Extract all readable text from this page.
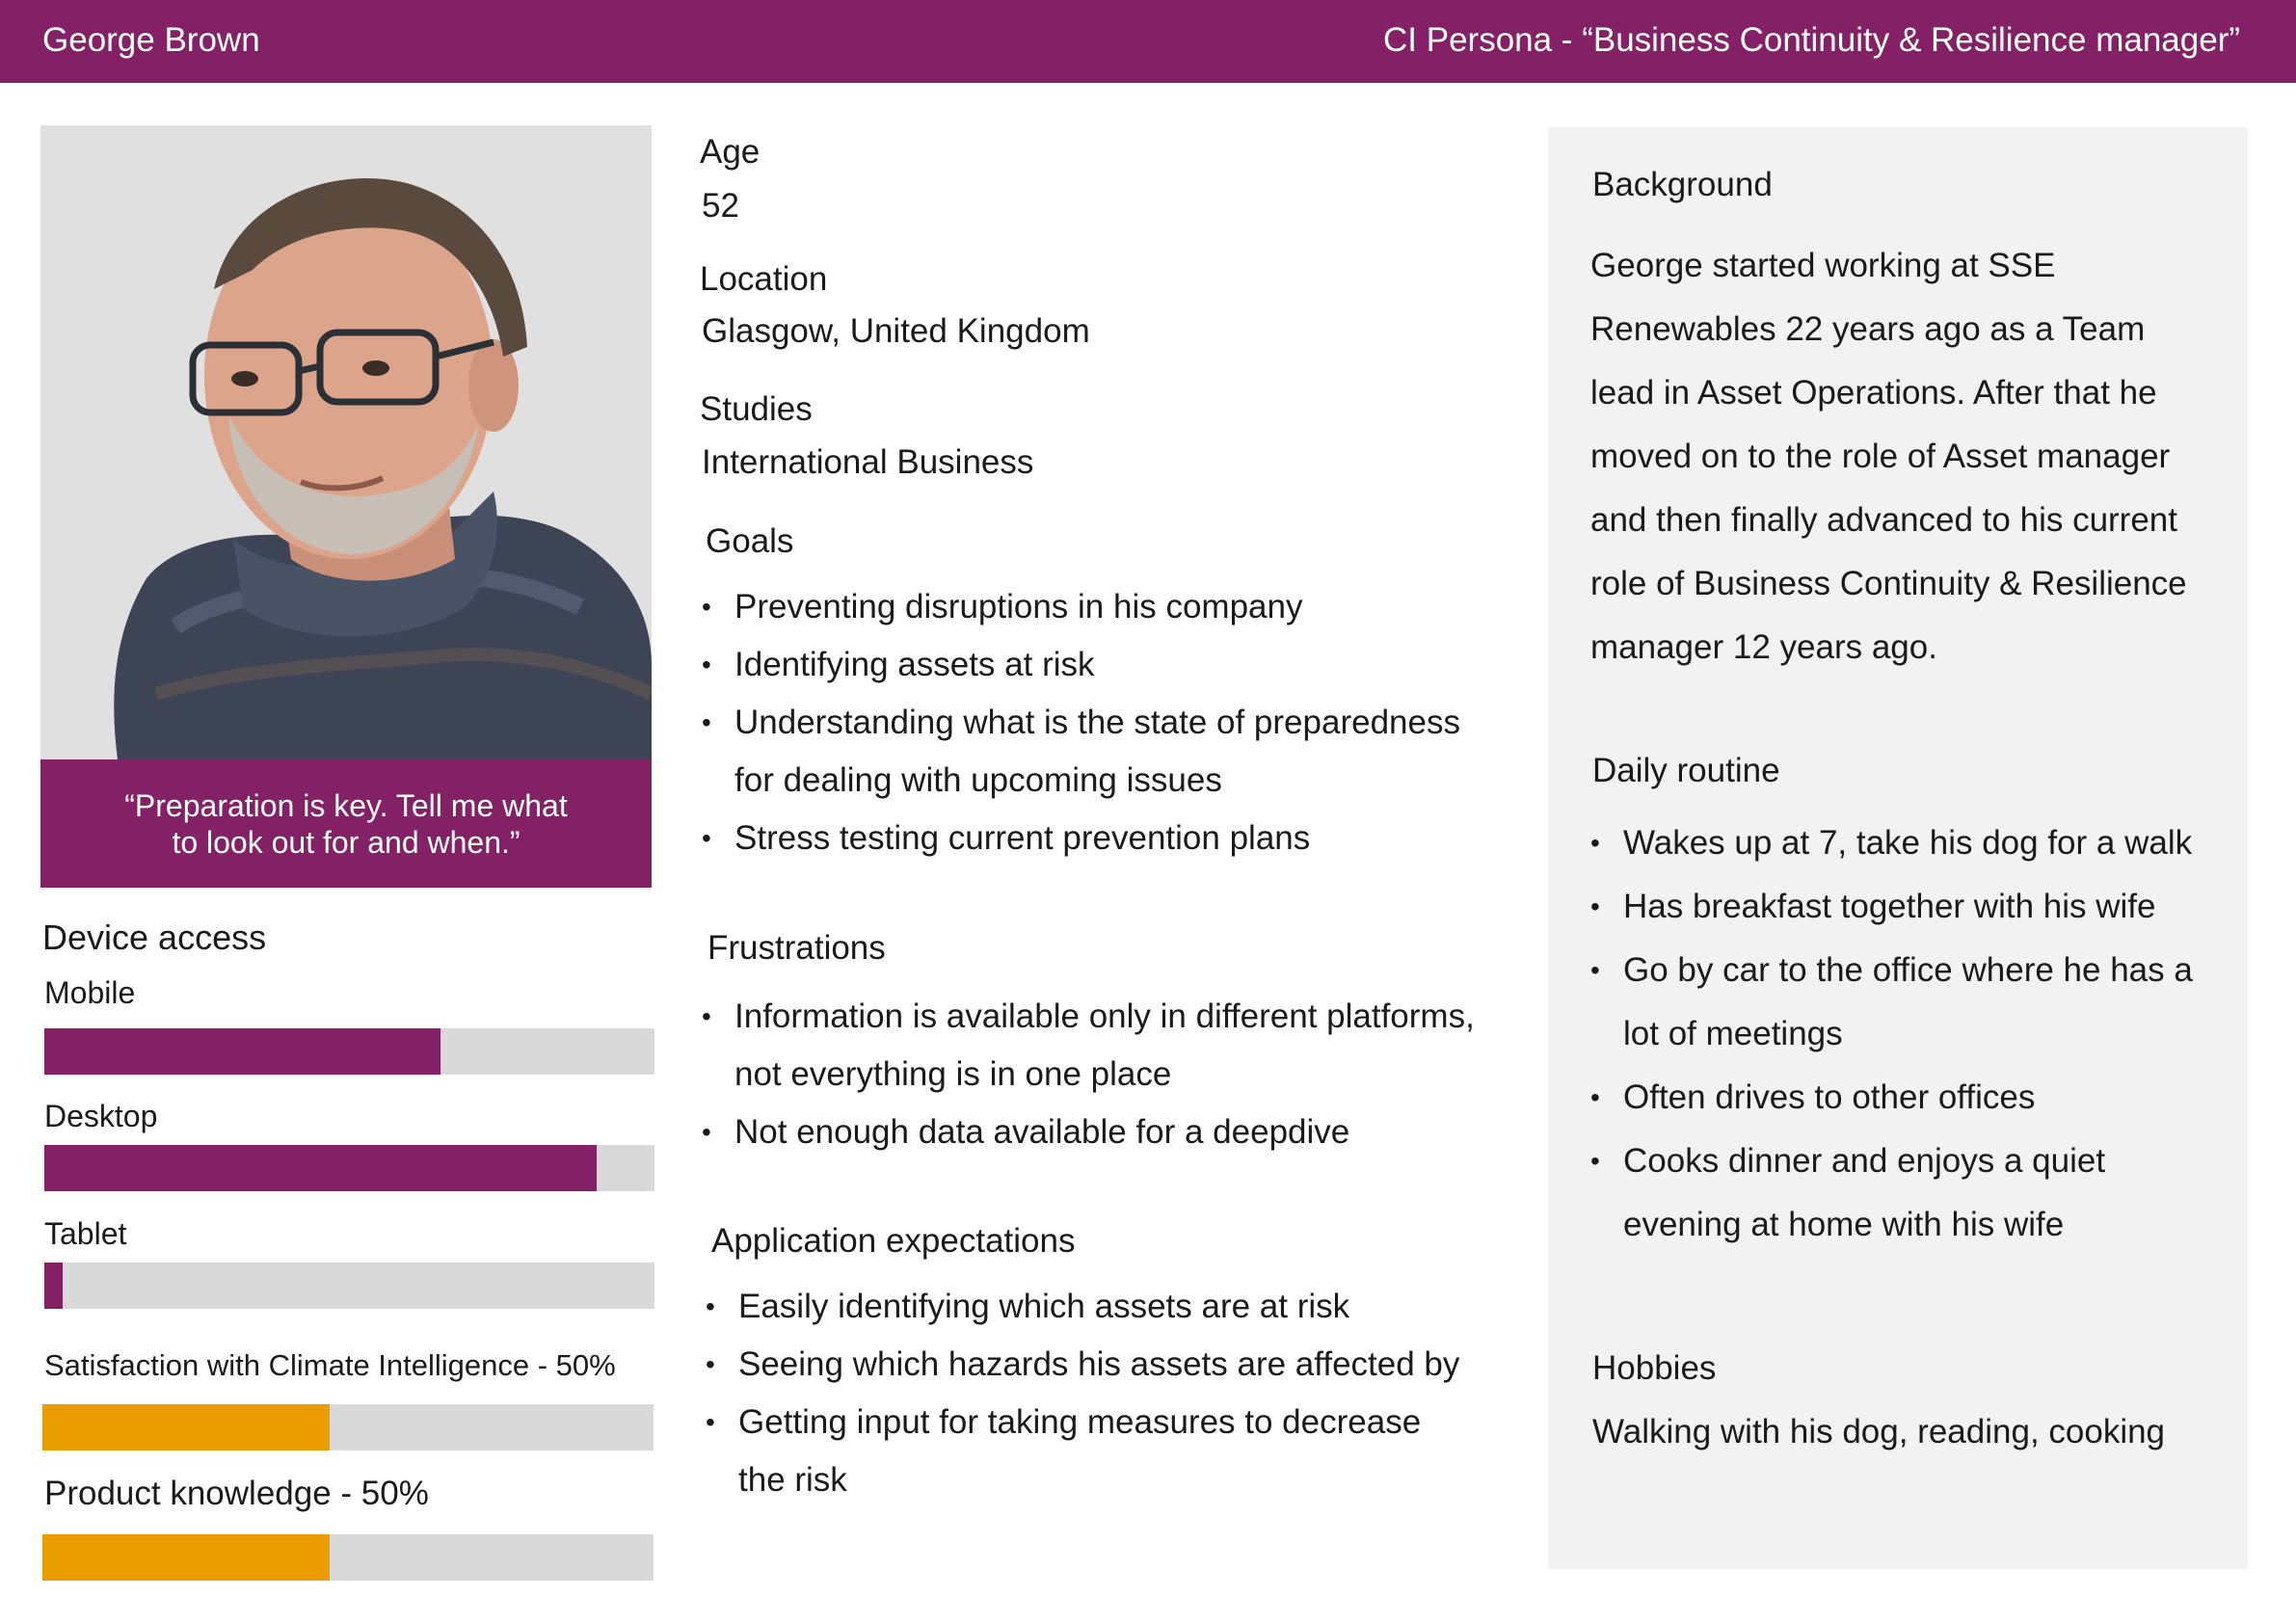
George Brown	CI Persona - “Business Continuity & Resilience manager”
“Preparation is key. Tell me what to look out for and when.”
Device access
Mobile
Desktop
Tablet
Satisfaction with Climate Intelligence - 50%
Product knowledge - 50%
Age
52
Location
Glasgow, United Kingdom
Studies
International Business
Goals
• Preventing disruptions in his company
• Identifying assets at risk
• Understanding what is the state of preparedness for dealing with upcoming issues
• Stress testing current prevention plans
Frustrations
• Information is available only in different platforms, not everything is in one place
• Not enough data available for a deepdive
Application expectations
• Easily identifying which assets are at risk
• Seeing which hazards his assets are affected by
• Getting input for taking measures to decrease the risk
Background
George started working at SSE Renewables 22 years ago as a Team lead in Asset Operations. After that he moved on to the role of Asset manager and then finally advanced to his current role of Business Continuity & Resilience manager 12 years ago.
Daily routine
• Wakes up at 7, take his dog for a walk
• Has breakfast together with his wife
• Go by car to the office where he has a lot of meetings
• Often drives to other offices
• Cooks dinner and enjoys a quiet evening at home with his wife
Hobbies
Walking with his dog, reading, cooking
